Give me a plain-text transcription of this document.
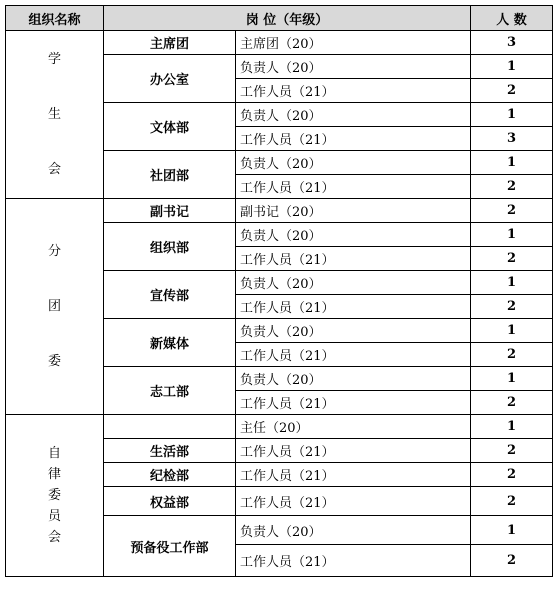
组织名称	岗 位（年级）		人 数

学
生
会	主席团	主席团（20）	3
	办公室	负责人（20）	1
		工作人员（21）	2
	文体部	负责人（20）	1
		工作人员（21）	3
	社团部	负责人（20）	1
		工作人员（21）	2

分
团
委	副书记	副书记（20）	2
	组织部	负责人（20）	1
		工作人员（21）	2
	宣传部	负责人（20）	1
		工作人员（21）	2
	新媒体	负责人（20）	1
		工作人员（21）	2
	志工部	负责人（20）	1
		工作人员（21）	2

自
律
委
员
会		主任（20）	1
	生活部	工作人员（21）	2
	纪检部	工作人员（21）	2
	权益部	工作人员（21）	2
	预备役工作部	负责人（20）	1
		工作人员（21）	2
